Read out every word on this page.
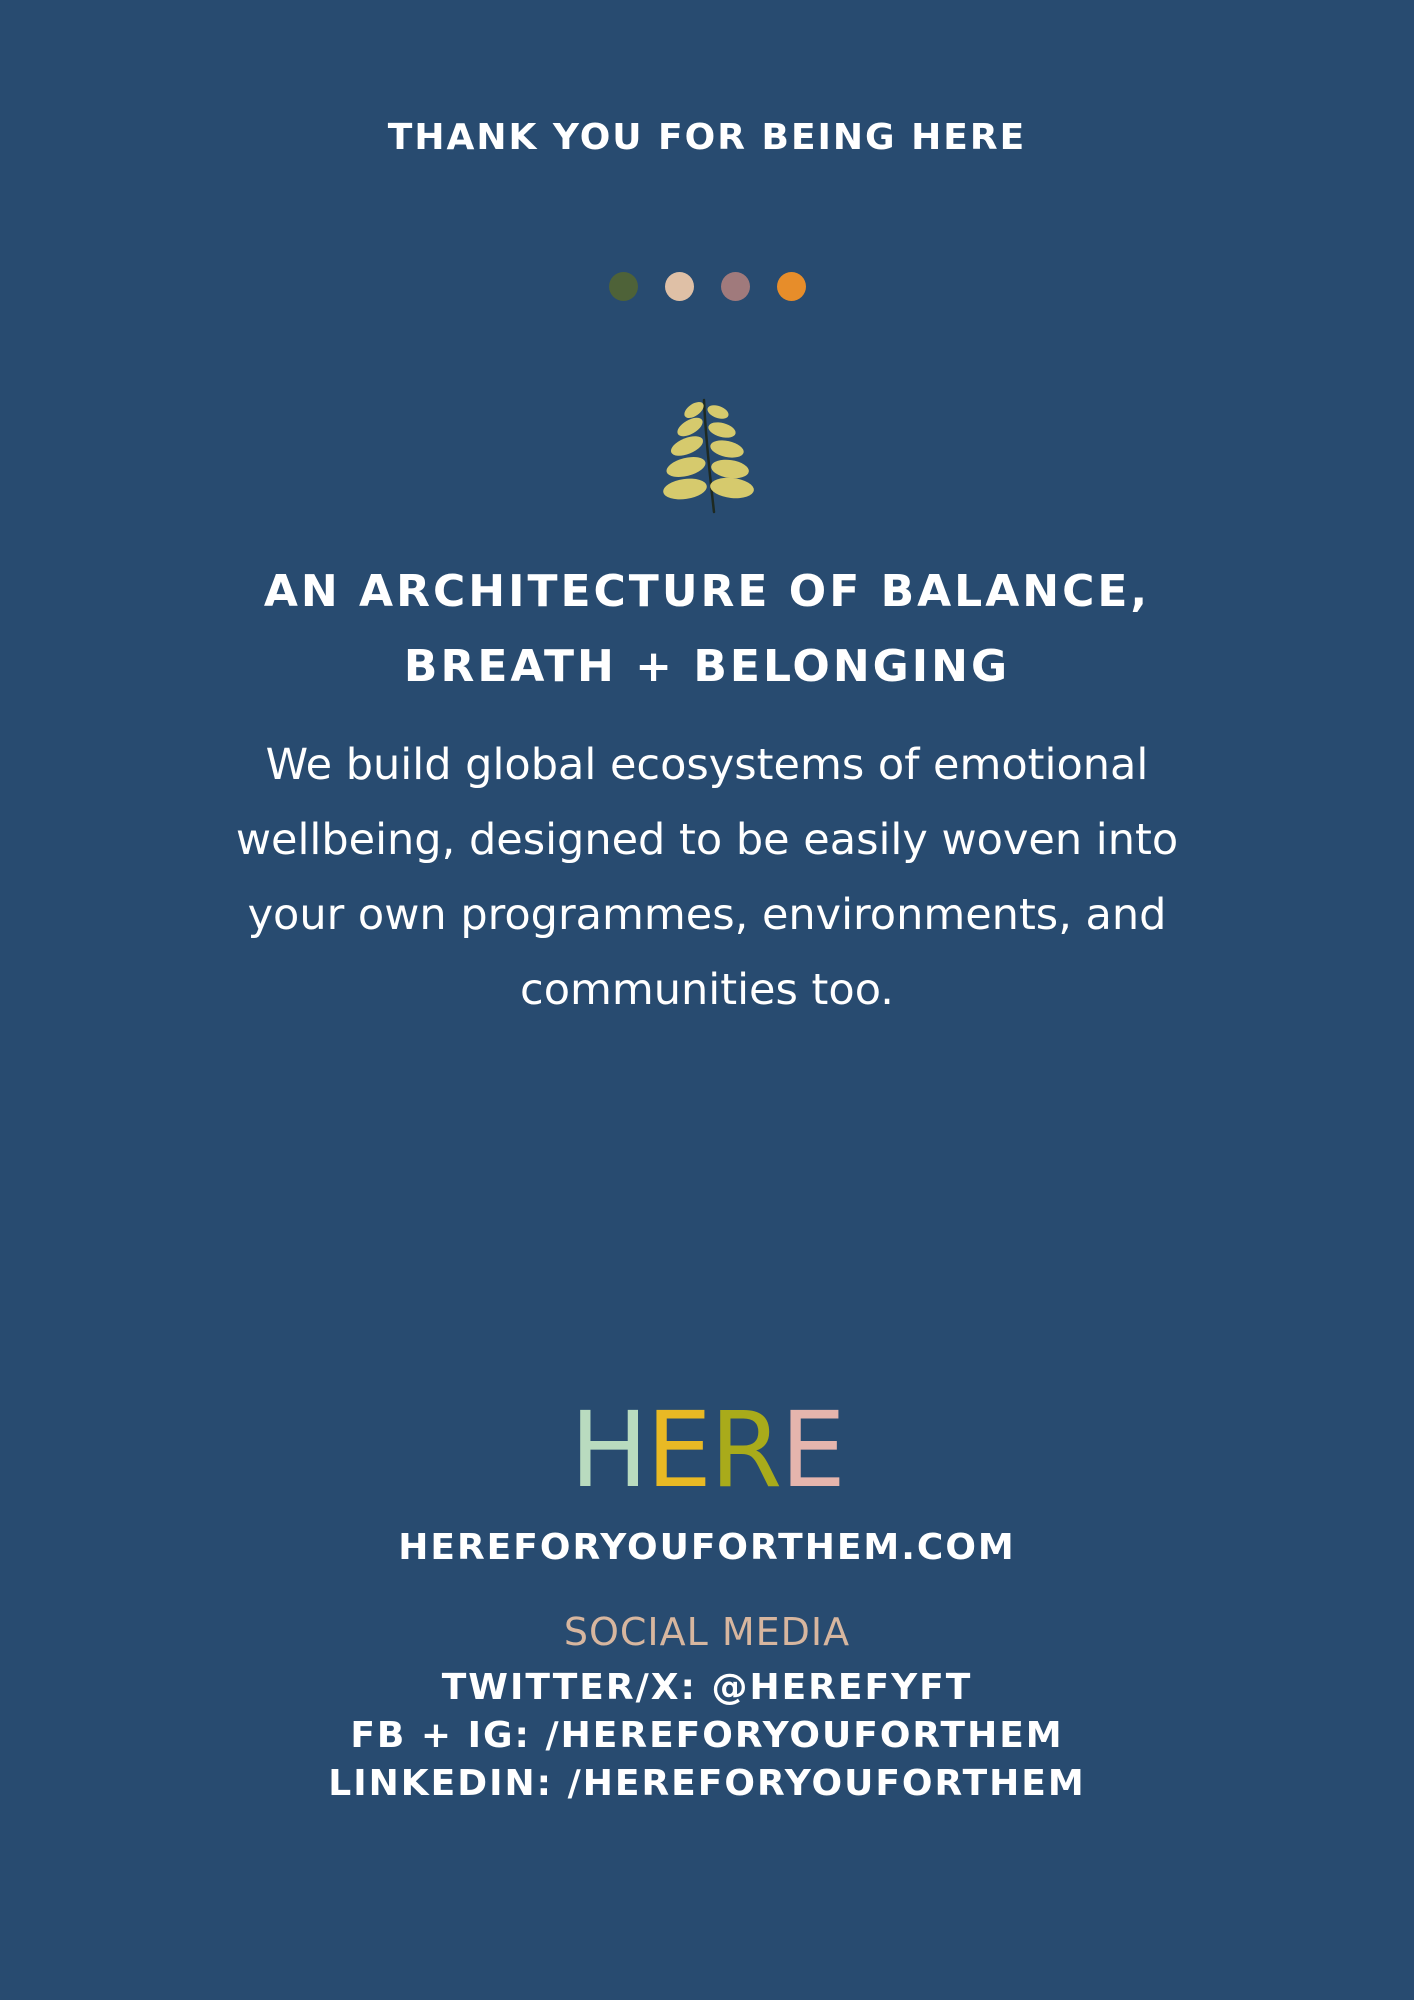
THANK YOU FOR BEING HERE
AN ARCHITECTURE OF BALANCE,
BREATH + BELONGING
We build global ecosystems of emotional wellbeing, designed to be easily woven into your own programmes, environments, and communities too.
HERE
HEREFORYOUFORTHEM.COM
SOCIAL MEDIA
TWITTER/X: @HEREFYFT
FB + IG: /HEREFORYOUFORTHEM
LINKEDIN: /HEREFORYOUFORTHEM
